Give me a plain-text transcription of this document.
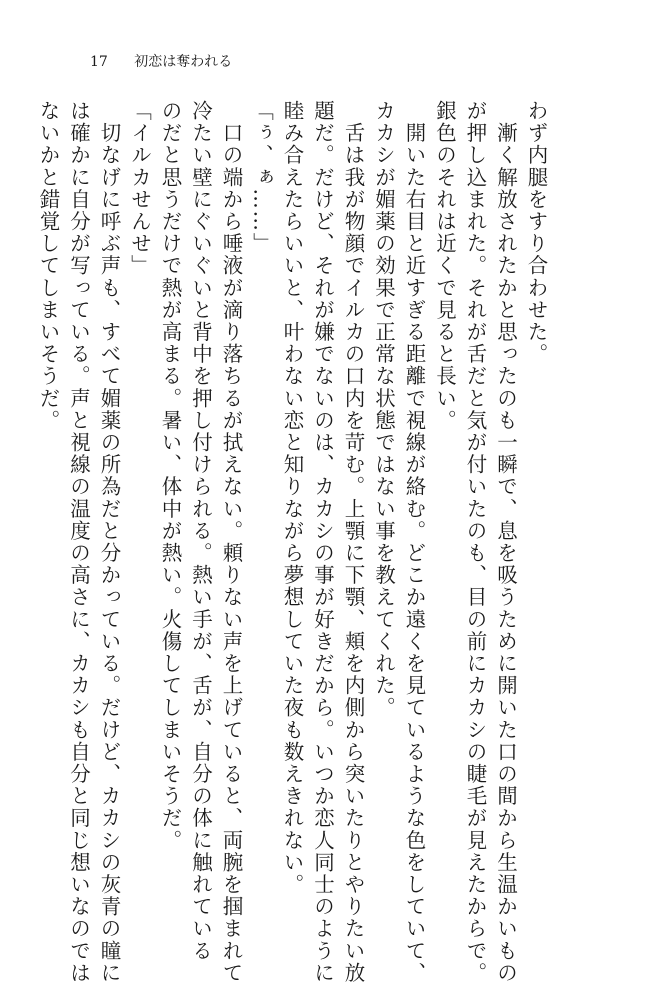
17 初恋は奪われる

わず内腿をすり合わせた。

　漸く解放されたかと思ったのも一瞬で、息を吸うために開いた口の間から生温かいもの

が押し込まれた。それが舌だと気が付いたのも、目の前にカカシの睫毛が見えたからで。

銀色のそれは近くで見ると長い。

　開いた右目と近すぎる距離で視線が絡む。どこか遠くを見ているような色をしていて、

カカシが媚薬の効果で正常な状態ではない事を教えてくれた。

　舌は我が物顔でイルカの口内を苛む。上顎に下顎、頬を内側から突いたりとやりたい放

題だ。だけど、それが嫌でないのは、カカシの事が好きだから。いつか恋人同士のように

睦み合えたらいいと、叶わない恋と知りながら夢想していた夜も数えきれない。

「ぅ、ぁ……」

　口の端から唾液が滴り落ちるが拭えない。頼りない声を上げていると、両腕を掴まれて

冷たい壁にぐいぐいと背中を押し付けられる。熱い手が、舌が、自分の体に触れている

のだと思うだけで熱が高まる。暑い、体中が熱い。火傷してしまいそうだ。

「イルカせんせ」

　切なげに呼ぶ声も、すべて媚薬の所為だと分かっている。だけど、カカシの灰青の瞳に

は確かに自分が写っている。声と視線の温度の高さに、カカシも自分と同じ想いなのでは

ないかと錯覚してしまいそうだ。
